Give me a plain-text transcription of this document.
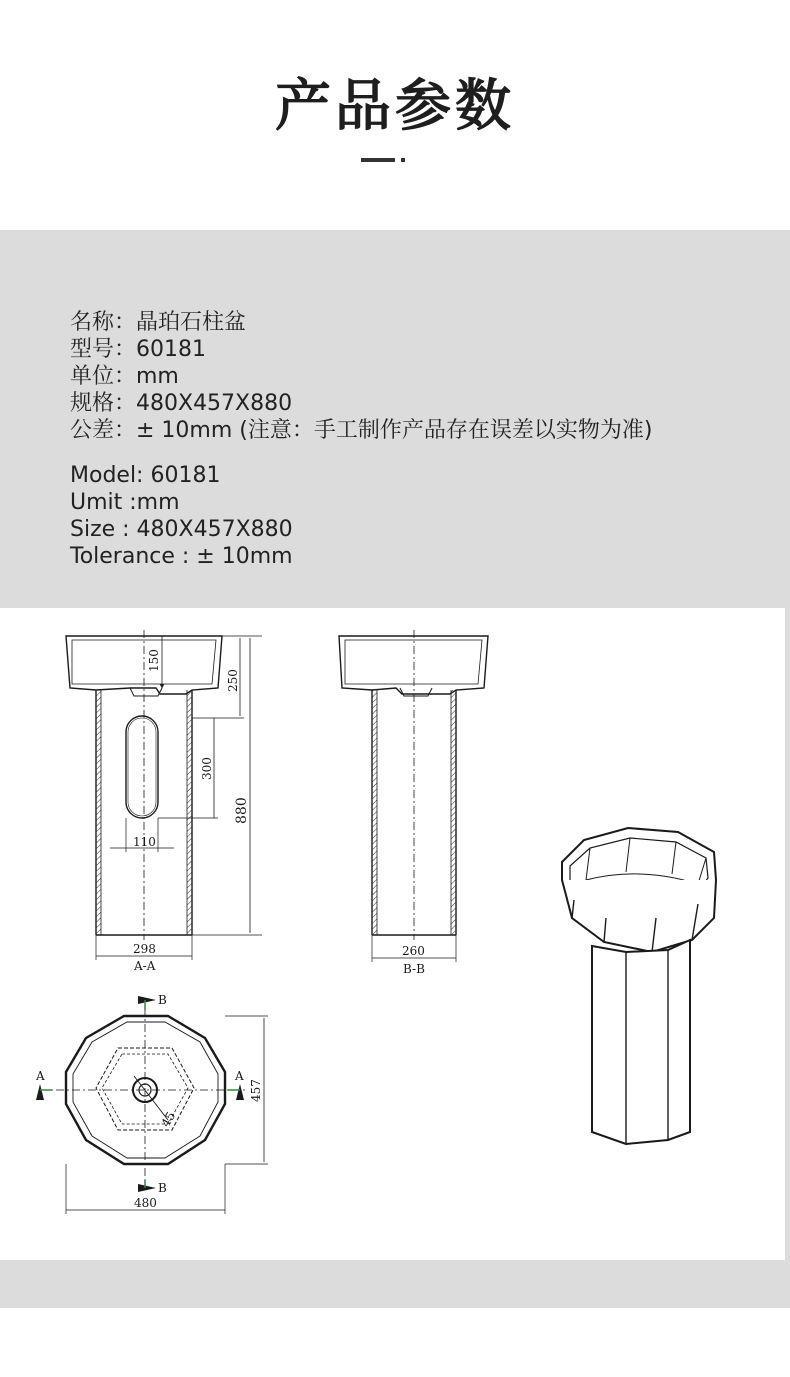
产品参数
名称：晶珀石柱盆
型号：60181
单位：mm
规格：480X457X880
公差：± 10mm (注意：手工制作产品存在误差以实物为准)
Model: 60181
Umit :mm
Size : 480X457X880
Tolerance : ± 10mm
150
250
300
880
110
298
A-A
260
B-B
A	A
B
B
457
480
45
